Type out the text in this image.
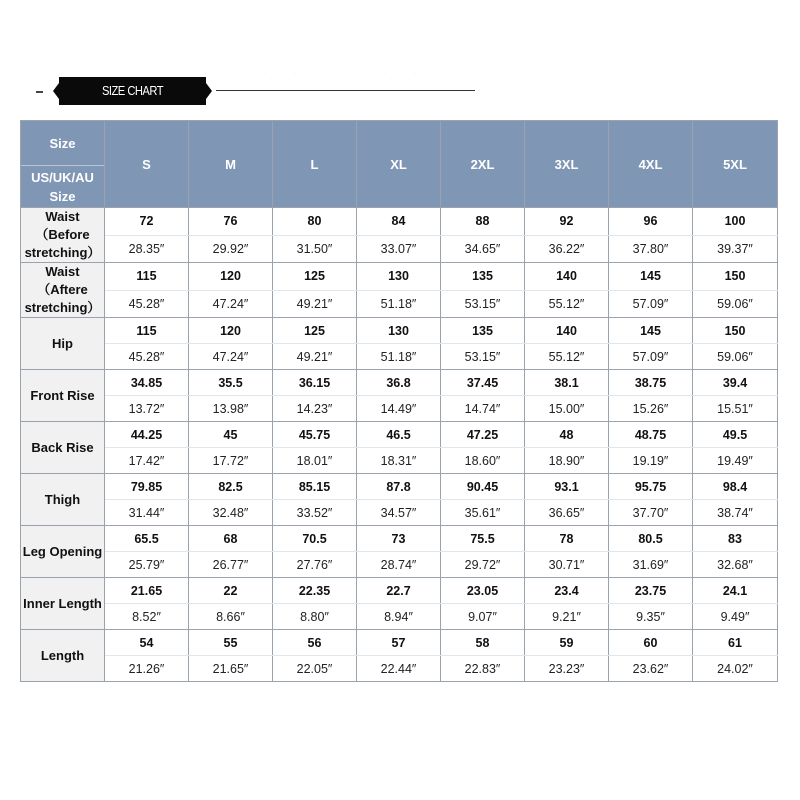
SIZE CHART
Size
US/UK/AU Size	S	M	L	XL	2XL	3XL	4XL	5XL
Waist （Before stretching）	72	76	80	84	88	92	96	100
	28.35″	29.92″	31.50″	33.07″	34.65″	36.22″	37.80″	39.37″
Waist （Aftere stretching）	115	120	125	130	135	140	145	150
	45.28″	47.24″	49.21″	51.18″	53.15″	55.12″	57.09″	59.06″
Hip	115	120	125	130	135	140	145	150
	45.28″	47.24″	49.21″	51.18″	53.15″	55.12″	57.09″	59.06″
Front Rise	34.85	35.5	36.15	36.8	37.45	38.1	38.75	39.4
	13.72″	13.98″	14.23″	14.49″	14.74″	15.00″	15.26″	15.51″
Back Rise	44.25	45	45.75	46.5	47.25	48	48.75	49.5
	17.42″	17.72″	18.01″	18.31″	18.60″	18.90″	19.19″	19.49″
Thigh	79.85	82.5	85.15	87.8	90.45	93.1	95.75	98.4
	31.44″	32.48″	33.52″	34.57″	35.61″	36.65″	37.70″	38.74″
Leg Opening	65.5	68	70.5	73	75.5	78	80.5	83
	25.79″	26.77″	27.76″	28.74″	29.72″	30.71″	31.69″	32.68″
Inner Length	21.65	22	22.35	22.7	23.05	23.4	23.75	24.1
	8.52″	8.66″	8.80″	8.94″	9.07″	9.21″	9.35″	9.49″
Length	54	55	56	57	58	59	60	61
	21.26″	21.65″	22.05″	22.44″	22.83″	23.23″	23.62″	24.02″
